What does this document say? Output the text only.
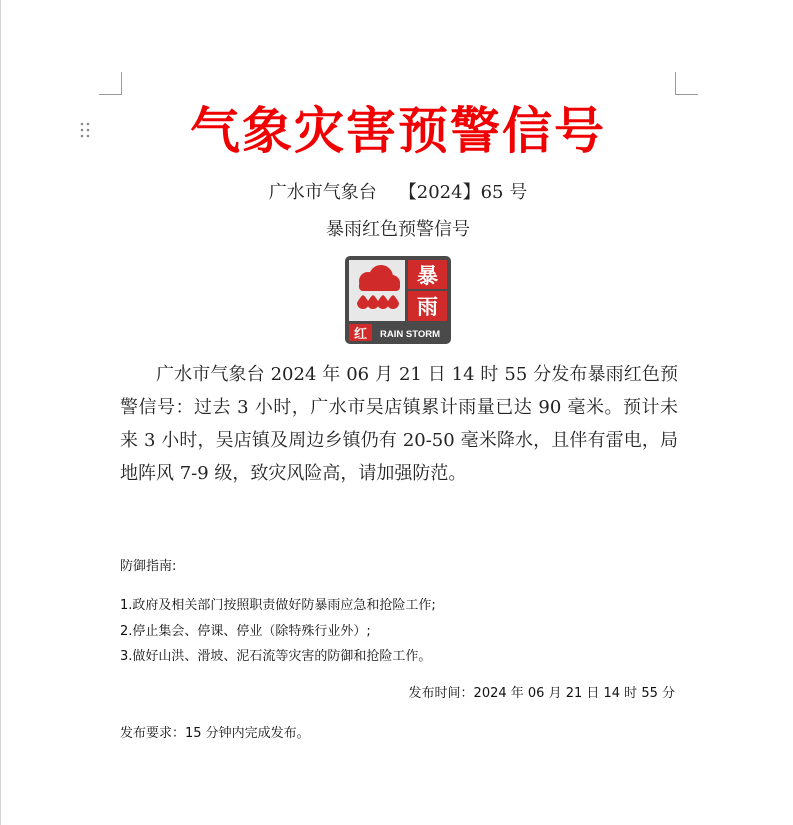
气象灾害预警信号
广水市气象台 【2024】65 号
暴雨红色预警信号
暴
雨
红 RAIN STORM

广水市气象台 2024 年 06 月 21 日 14 时 55 分发布暴雨红色预警信号：过去 3 小时，广水市吴店镇累计雨量已达 90 毫米。预计未来 3 小时，吴店镇及周边乡镇仍有 20-50 毫米降水，且伴有雷电，局地阵风 7-9 级，致灾风险高，请加强防范。

防御指南:
1.政府及相关部门按照职责做好防暴雨应急和抢险工作;
2.停止集会、停课、停业（除特殊行业外）;
3.做好山洪、滑坡、泥石流等灾害的防御和抢险工作。
发布时间：2024 年 06 月 21 日 14 时 55 分
发布要求：15 分钟内完成发布。
